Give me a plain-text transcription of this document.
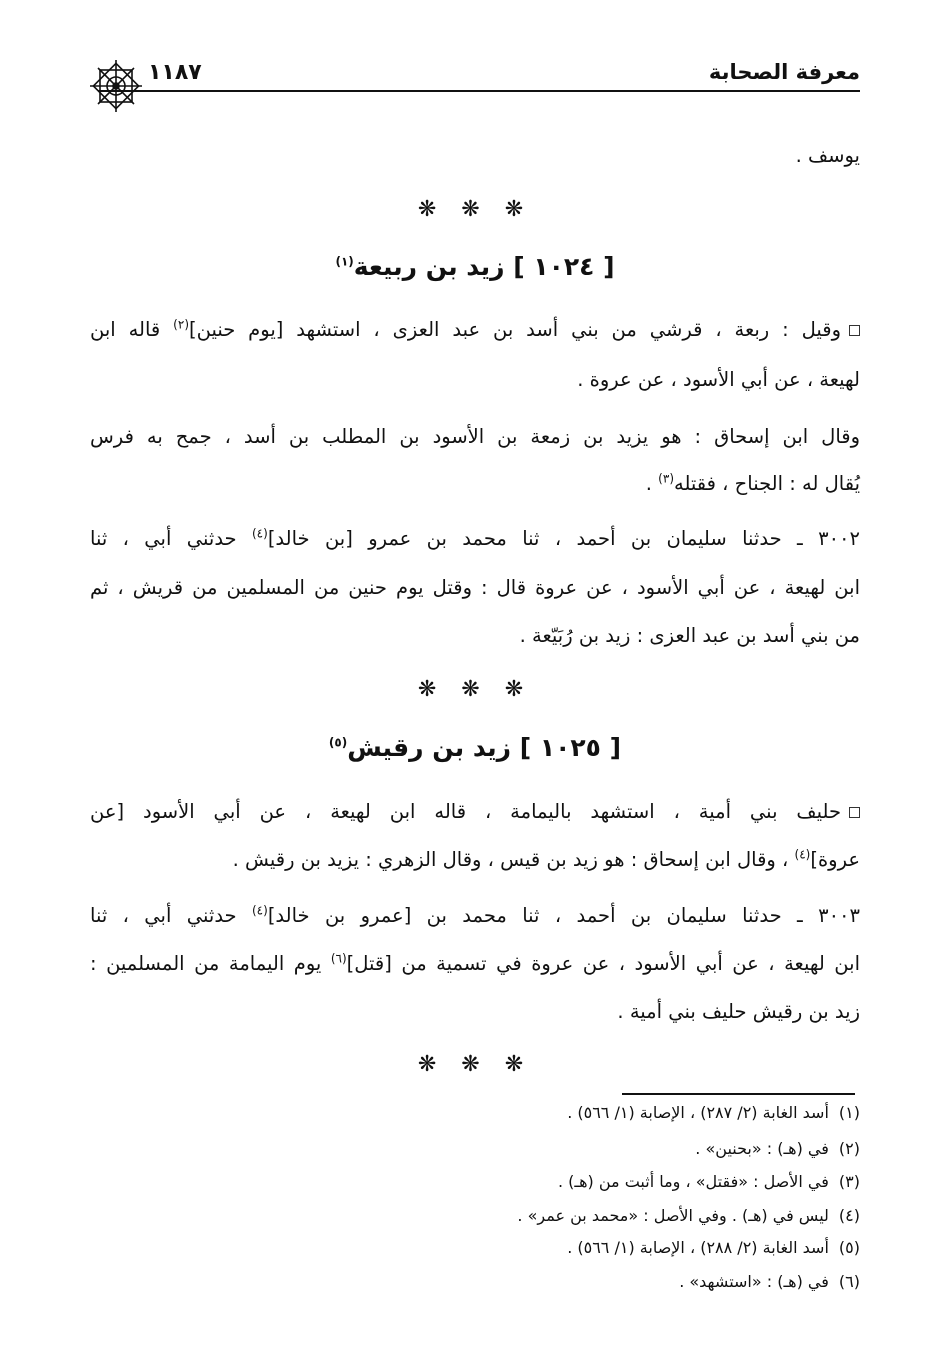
معرفة الصحابة
١١٨٧
يوسف .
❋ ❋ ❋
[ ١٠٢٤ ] زيد بن ربيعة$^{(١)}$
وقيل : ربعة ، قرشي من بني أسد بن عبد العزى ، استشهد [يوم حنين]$^{(٢)}$ قاله ابن
لهيعة ، عن أبي الأسود ، عن عروة .
وقال ابن إسحاق : هو يزيد بن زمعة بن الأسود بن المطلب بن أسد ، جمح به فرس
يُقال له : الجناح ، فقتله$^{(٣)}$ .
٣٠٠٢ ـ حدثنا سليمان بن أحمد ، ثنا محمد بن عمرو [بن خالد]$^{(٤)}$ حدثني أبي ، ثنا
ابن لهيعة ، عن أبي الأسود ، عن عروة قال : وقتل يوم حنين من المسلمين من قريش ، ثم
من بني أسد بن عبد العزى : زيد بن رُبَيّعة .
❋ ❋ ❋
[ ١٠٢٥ ] زيد بن رقيش$^{(٥)}$
حليف بني أمية ، استشهد باليمامة ، قاله ابن لهيعة ، عن أبي الأسود [عن
عروة]$^{(٤)}$ ، وقال ابن إسحاق : هو زيد بن قيس ، وقال الزهري : يزيد بن رقيش .
٣٠٠٣ ـ حدثنا سليمان بن أحمد ، ثنا محمد بن [عمرو بن خالد]$^{(٤)}$ حدثني أبي ، ثنا
ابن لهيعة ، عن أبي الأسود ، عن عروة في تسمية من [قتل]$^{(٦)}$ يوم اليمامة من المسلمين :
زيد بن رقيش حليف بني أمية .
❋ ❋ ❋
(١)أسد الغابة (٢/ ٢٨٧) ، الإصابة (١/ ٥٦٦) .
(٢)في (هـ) : «بحنين» .
(٣)في الأصل : «فقتل» ، وما أثبت من (هـ) .
(٤)ليس في (هـ) . وفي الأصل : «محمد بن عمر» .
(٥)أسد الغابة (٢/ ٢٨٨) ، الإصابة (١/ ٥٦٦) .
(٦)في (هـ) : «استشهد» .
